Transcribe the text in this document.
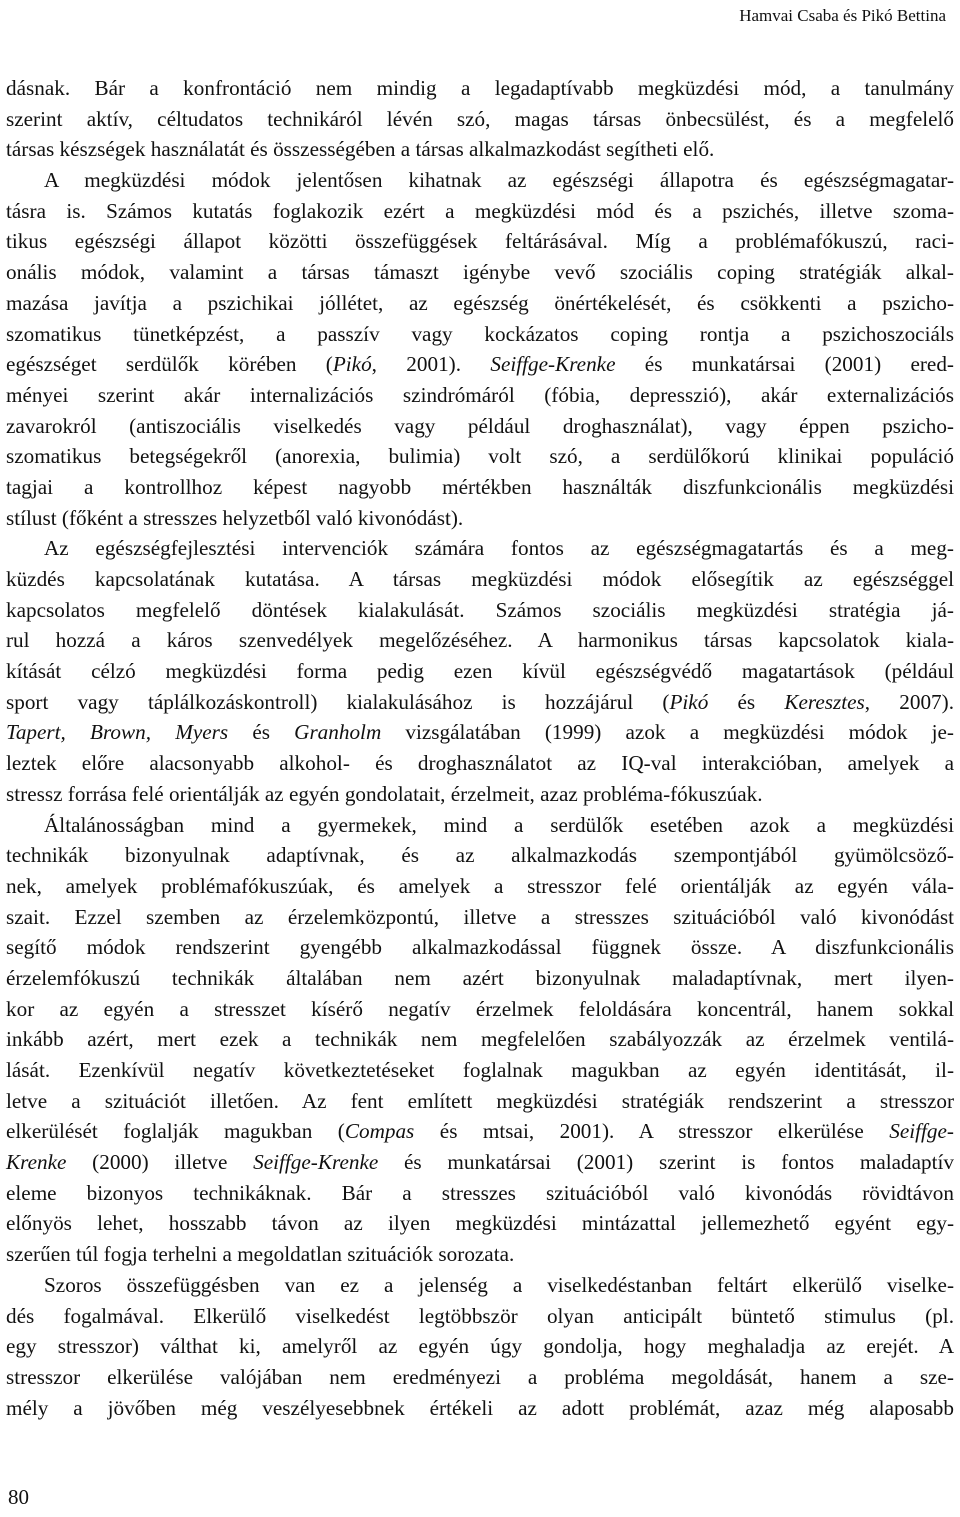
Hamvai Csaba és Pikó Bettina
dásnak. Bár a konfrontáció nem mindig a legadaptívabb megküzdési mód, a tanulmány
szerint aktív, céltudatos technikáról lévén szó, magas társas önbecsülést, és a megfelelő
társas készségek használatát és összességében a társas alkalmazkodást segítheti elő.
A megküzdési módok jelentősen kihatnak az egészségi állapotra és egészségmagatar-
tásra is. Számos kutatás foglakozik ezért a megküzdési mód és a pszichés, illetve szoma-
tikus egészségi állapot közötti összefüggések feltárásával. Míg a problémafókuszú, raci-
onális módok, valamint a társas támaszt igénybe vevő szociális coping stratégiák alkal-
mazása javítja a pszichikai jóllétet, az egészség önértékelését, és csökkenti a pszicho-
szomatikus tünetképzést, a passzív vagy kockázatos coping rontja a pszichoszociáls
egészséget serdülők körében (Pikó, 2001). Seiffge-Krenke és munkatársai (2001) ered-
ményei szerint akár internalizációs szindrómáról (fóbia, depresszió), akár externalizációs
zavarokról (antiszociális viselkedés vagy például droghasználat), vagy éppen pszicho-
szomatikus betegségekről (anorexia, bulimia) volt szó, a serdülőkorú klinikai populáció
tagjai a kontrollhoz képest nagyobb mértékben használták diszfunkcionális megküzdési
stílust (főként a stresszes helyzetből való kivonódást).
Az egészségfejlesztési intervenciók számára fontos az egészségmagatartás és a meg-
küzdés kapcsolatának kutatása. A társas megküzdési módok elősegítik az egészséggel
kapcsolatos megfelelő döntések kialakulását. Számos szociális megküzdési stratégia já-
rul hozzá a káros szenvedélyek megelőzéséhez. A harmonikus társas kapcsolatok kiala-
kítását célzó megküzdési forma pedig ezen kívül egészségvédő magatartások (például
sport vagy táplálkozáskontroll) kialakulásához is hozzájárul (Pikó és Keresztes, 2007).
Tapert, Brown, Myers és Granholm vizsgálatában (1999) azok a megküzdési módok je-
leztek előre alacsonyabb alkohol- és droghasználatot az IQ-val interakcióban, amelyek a
stressz forrása felé orientálják az egyén gondolatait, érzelmeit, azaz probléma-fókuszúak.
Általánosságban mind a gyermekek, mind a serdülők esetében azok a megküzdési
technikák bizonyulnak adaptívnak, és az alkalmazkodás szempontjából gyümölcsöző-
nek, amelyek problémafókuszúak, és amelyek a stresszor felé orientálják az egyén vála-
szait. Ezzel szemben az érzelemközpontú, illetve a stresszes szituációból való kivonódást
segítő módok rendszerint gyengébb alkalmazkodással függnek össze. A diszfunkcionális
érzelemfókuszú technikák általában nem azért bizonyulnak maladaptívnak, mert ilyen-
kor az egyén a stresszet kísérő negatív érzelmek feloldására koncentrál, hanem sokkal
inkább azért, mert ezek a technikák nem megfelelően szabályozzák az érzelmek ventilá-
lását. Ezenkívül negatív következtetéseket foglalnak magukban az egyén identitását, il-
letve a szituációt illetően. Az fent említett megküzdési stratégiák rendszerint a stresszor
elkerülését foglalják magukban (Compas és mtsai, 2001). A stresszor elkerülése Seiffge-
Krenke (2000) illetve Seiffge-Krenke és munkatársai (2001) szerint is fontos maladaptív
eleme bizonyos technikáknak. Bár a stresszes szituációból való kivonódás rövidtávon
előnyös lehet, hosszabb távon az ilyen megküzdési mintázattal jellemezhető egyént egy-
szerűen túl fogja terhelni a megoldatlan szituációk sorozata.
Szoros összefüggésben van ez a jelenség a viselkedéstanban feltárt elkerülő viselke-
dés fogalmával. Elkerülő viselkedést legtöbbször olyan anticipált büntető stimulus (pl.
egy stresszor) válthat ki, amelyről az egyén úgy gondolja, hogy meghaladja az erejét. A
stresszor elkerülése valójában nem eredményezi a probléma megoldását, hanem a sze-
mély a jövőben még veszélyesebbnek értékeli az adott problémát, azaz még alaposabb
80
